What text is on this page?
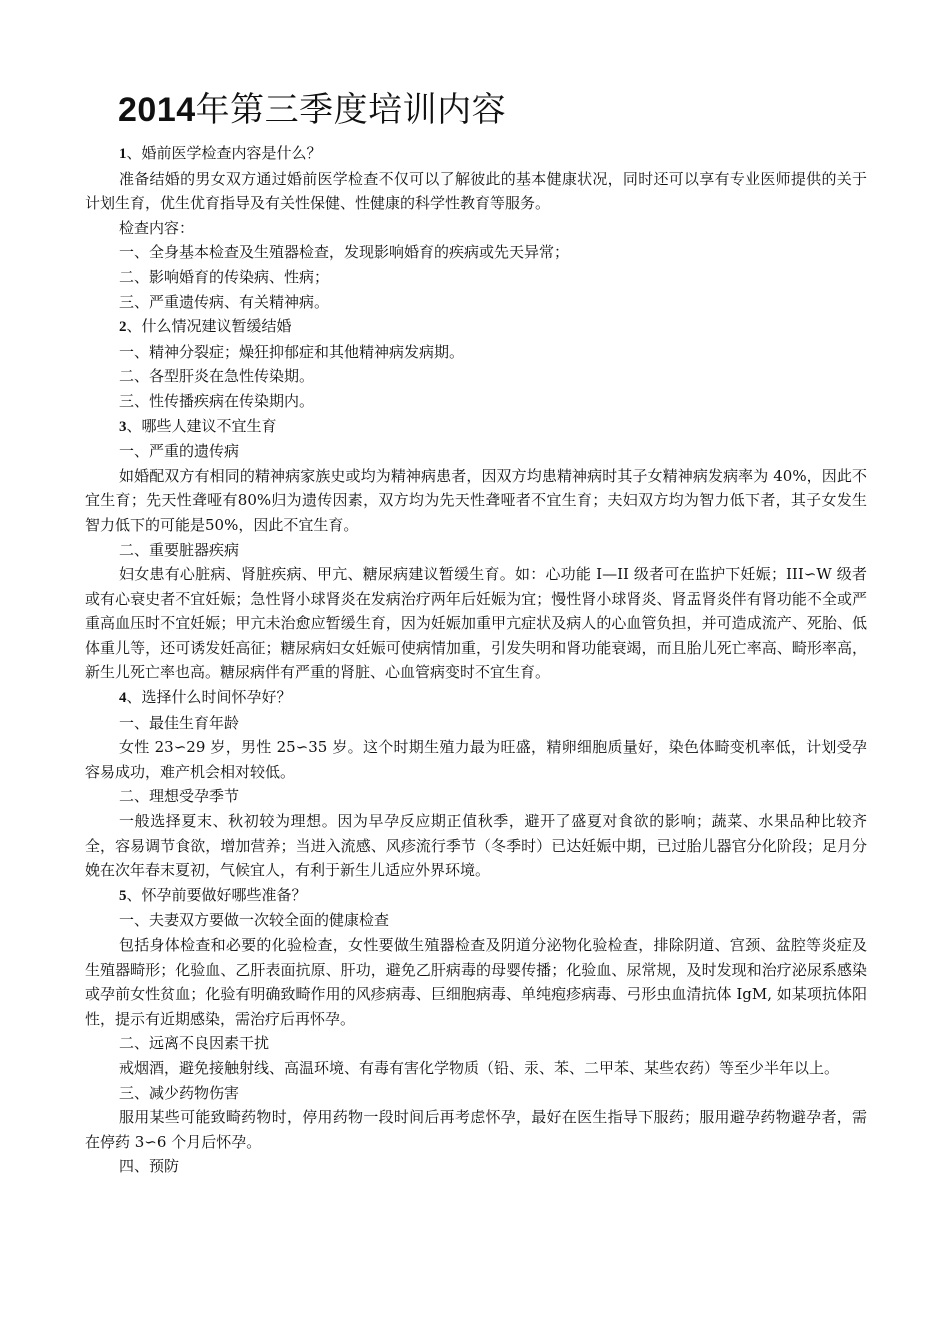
2014年第三季度培训内容

1、婚前医学检查内容是什么？

准备结婚的男女双方通过婚前医学检查不仅可以了解彼此的基本健康状况，同时还可以享有专业医师提供的关于计划生育，优生优育指导及有关性保健、性健康的科学性教育等服务。

检查内容：

一、全身基本检查及生殖器检查，发现影响婚育的疾病或先天异常；

二、影响婚育的传染病、性病；

三、严重遗传病、有关精神病。

2、什么情况建议暂缓结婚

一、精神分裂症；燥狂抑郁症和其他精神病发病期。

二、各型肝炎在急性传染期。

三、性传播疾病在传染期内。

3、哪些人建议不宜生育

一、严重的遗传病

如婚配双方有相同的精神病家族史或均为精神病患者，因双方均患精神病时其子女精神病发病率为 40%，因此不宜生育；先天性聋哑有80%归为遗传因素，双方均为先天性聋哑者不宜生育；夫妇双方均为智力低下者，其子女发生智力低下的可能是50%，因此不宜生育。

二、重要脏器疾病

妇女患有心脏病、肾脏疾病、甲亢、糖尿病建议暂缓生育。如：心功能 I—II 级者可在监护下妊娠；III∽W 级者或有心衰史者不宜妊娠；急性肾小球肾炎在发病治疗两年后妊娠为宜；慢性肾小球肾炎、肾盂肾炎伴有肾功能不全或严重高血压时不宜妊娠；甲亢未治愈应暂缓生育，因为妊娠加重甲亢症状及病人的心血管负担，并可造成流产、死胎、低体重儿等，还可诱发妊高征；糖尿病妇女妊娠可使病情加重，引发失明和肾功能衰竭，而且胎儿死亡率高、畸形率高，新生儿死亡率也高。糖尿病伴有严重的肾脏、心血管病变时不宜生育。

4、选择什么时间怀孕好？

一、最佳生育年龄

女性 23∽29 岁，男性 25∽35 岁。这个时期生殖力最为旺盛，精卵细胞质量好，染色体畸变机率低，计划受孕容易成功，难产机会相对较低。

二、理想受孕季节

一般选择夏末、秋初较为理想。因为早孕反应期正值秋季，避开了盛夏对食欲的影响；蔬菜、水果品种比较齐全，容易调节食欲，增加营养；当进入流感、风疹流行季节（冬季时）已达妊娠中期，已过胎儿器官分化阶段；足月分娩在次年春末夏初，气候宜人，有利于新生儿适应外界环境。

5、怀孕前要做好哪些准备？

一、夫妻双方要做一次较全面的健康检查

包括身体检查和必要的化验检查，女性要做生殖器检查及阴道分泌物化验检查，排除阴道、宫颈、盆腔等炎症及生殖器畸形；化验血、乙肝表面抗原、肝功，避免乙肝病毒的母婴传播；化验血、尿常规，及时发现和治疗泌尿系感染或孕前女性贫血；化验有明确致畸作用的风疹病毒、巨细胞病毒、单纯疱疹病毒、弓形虫血清抗体 IgM, 如某项抗体阳性，提示有近期感染，需治疗后再怀孕。

二、远离不良因素干扰

戒烟酒，避免接触射线、高温环境、有毒有害化学物质（铅、汞、苯、二甲苯、某些农药）等至少半年以上。

三、减少药物伤害

服用某些可能致畸药物时，停用药物一段时间后再考虑怀孕，最好在医生指导下服药；服用避孕药物避孕者，需在停药 3∽6 个月后怀孕。

四、预防
